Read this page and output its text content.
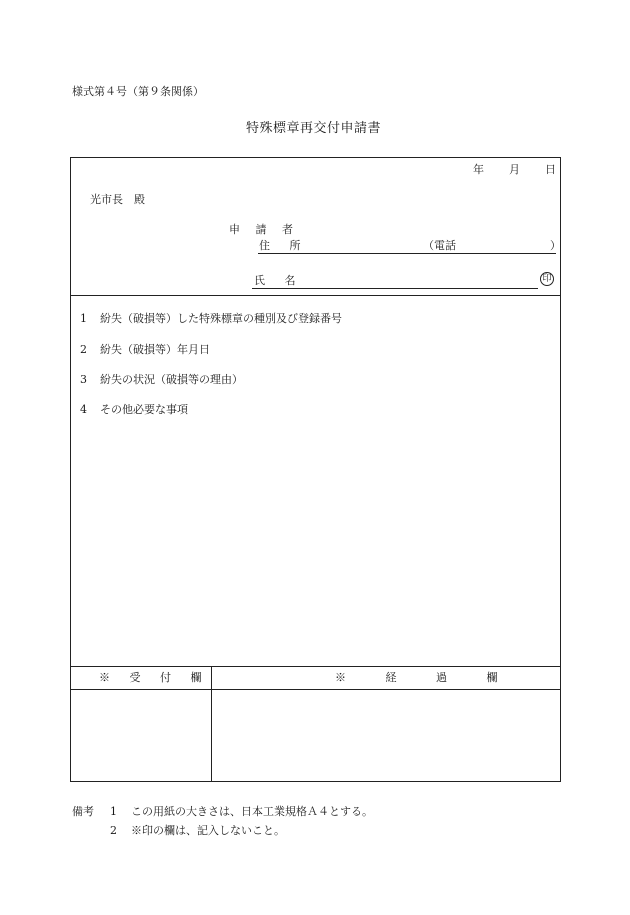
様式第４号（第９条関係）
特殊標章再交付申請書
年 月 日
光市長　殿
申 請 者
住 所	（電話	）
氏 名	印
1 紛失（破損等）した特殊標章の種別及び登録番号
2 紛失（破損等）年月日
3 紛失の状況（破損等の理由）
4 その他必要な事項
※ 受 付 欄	※ 経 過 欄
備考 1 この用紙の大きさは、日本工業規格Ａ４とする。
2 ※印の欄は、記入しないこと。
